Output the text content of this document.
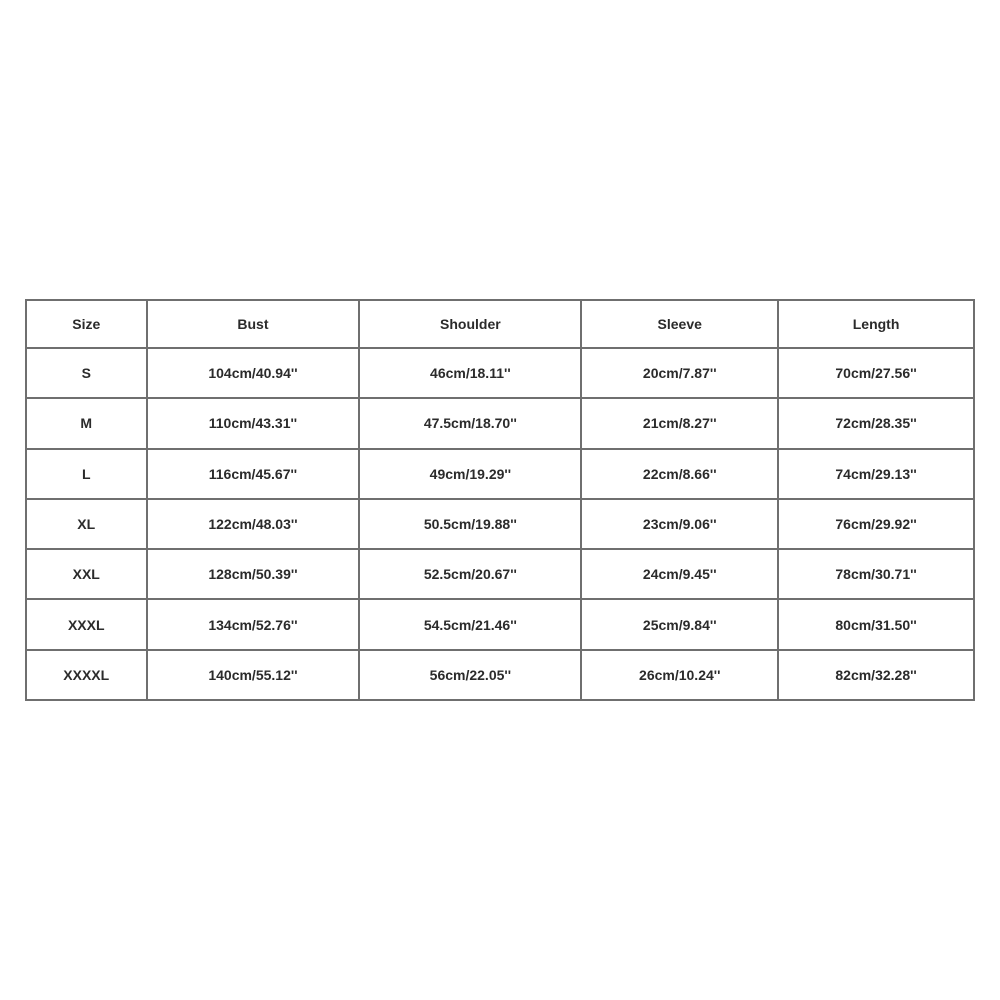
Size	Bust	Shoulder	Sleeve	Length
S	104cm/40.94''	46cm/18.11''	20cm/7.87''	70cm/27.56''
M	110cm/43.31''	47.5cm/18.70''	21cm/8.27''	72cm/28.35''
L	116cm/45.67''	49cm/19.29''	22cm/8.66''	74cm/29.13''
XL	122cm/48.03''	50.5cm/19.88''	23cm/9.06''	76cm/29.92''
XXL	128cm/50.39''	52.5cm/20.67''	24cm/9.45''	78cm/30.71''
XXXL	134cm/52.76''	54.5cm/21.46''	25cm/9.84''	80cm/31.50''
XXXXL	140cm/55.12''	56cm/22.05''	26cm/10.24''	82cm/32.28''
